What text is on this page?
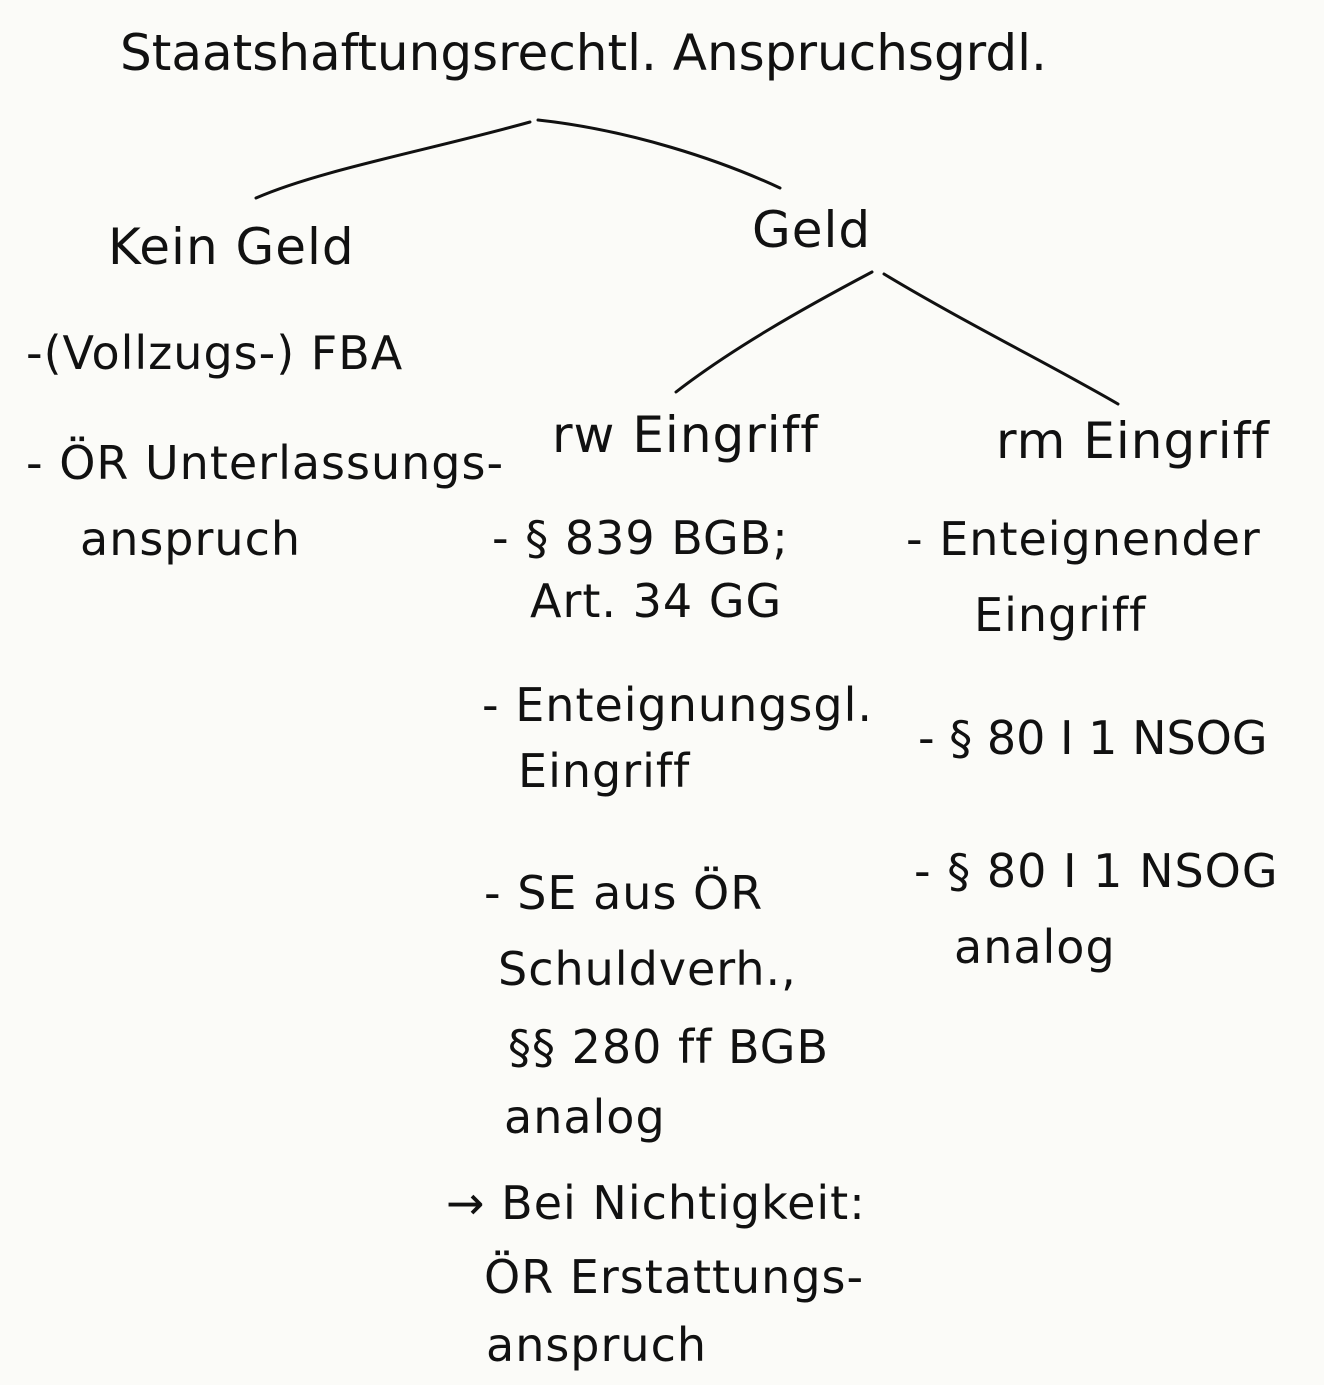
Staatshaftungsrechtl. Anspruchsgrdl.
Kein Geld
-(Vollzugs-) FBA
- ÖR Unterlassungs-
anspruch
Geld
rw Eingriff
- § 839 BGB;
Art. 34 GG
- Enteignungsgl.
Eingriff
- SE aus ÖR
Schuldverh.,
§§ 280 ff BGB
analog
→ Bei Nichtigkeit:
ÖR Erstattungs-
anspruch
rm Eingriff
- Enteignender
Eingriff
- § 80 I 1 NSOG
- § 80 I 1 NSOG
analog
